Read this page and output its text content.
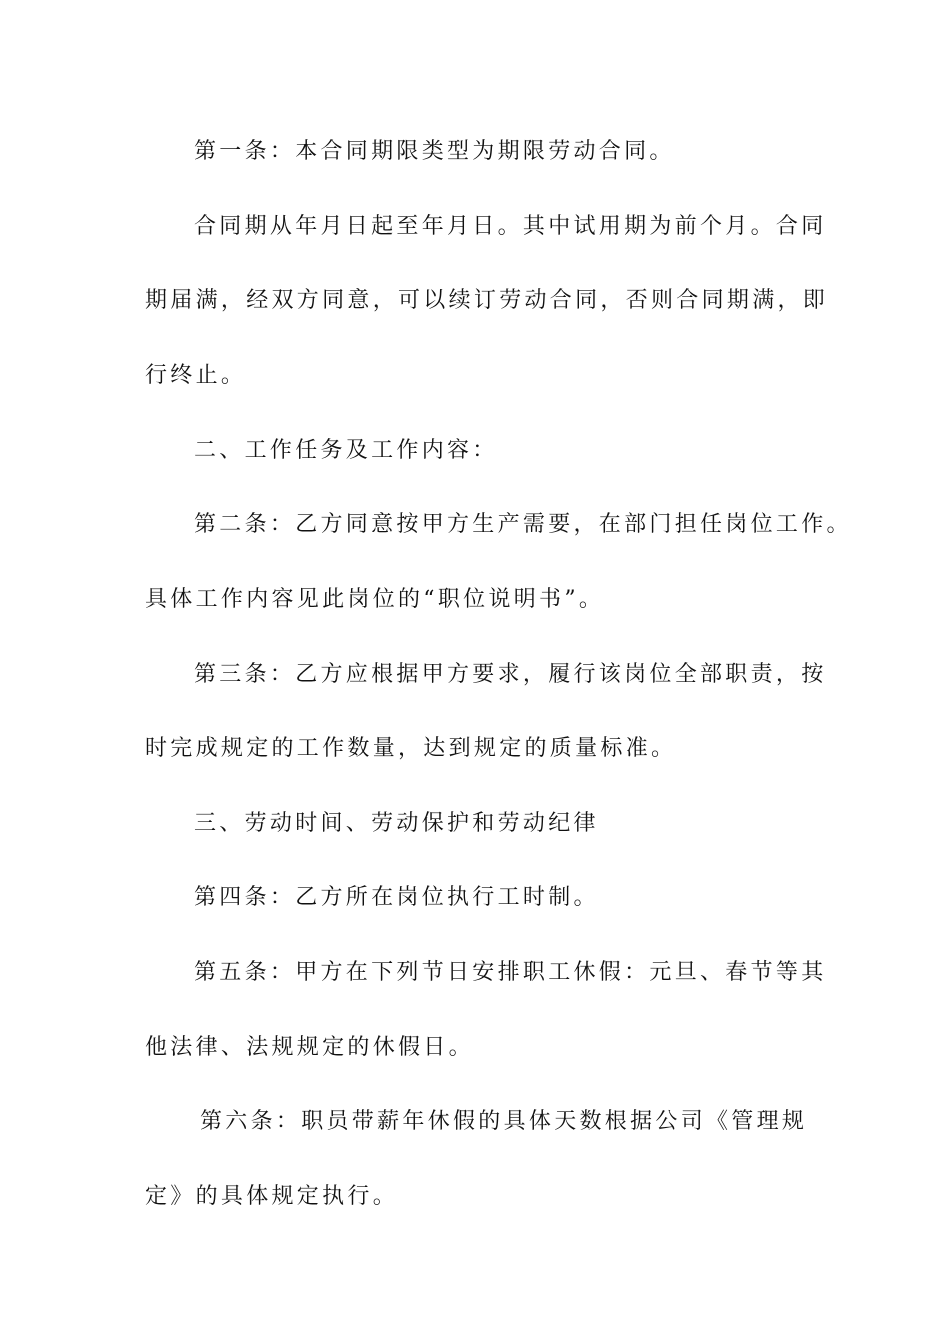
第一条：本合同期限类型为期限劳动合同。
合同期从年月日起至年月日。其中试用期为前个月。合同
期届满，经双方同意，可以续订劳动合同，否则合同期满，即
行终止。
二、工作任务及工作内容：
第二条：乙方同意按甲方生产需要，在部门担任岗位工作。
具体工作内容见此岗位的“职位说明书”。
第三条：乙方应根据甲方要求，履行该岗位全部职责，按
时完成规定的工作数量，达到规定的质量标准。
三、劳动时间、劳动保护和劳动纪律
第四条：乙方所在岗位执行工时制。
第五条：甲方在下列节日安排职工休假：元旦、春节等其
他法律、法规规定的休假日。
第六条：职员带薪年休假的具体天数根据公司《管理规
定》的具体规定执行。
